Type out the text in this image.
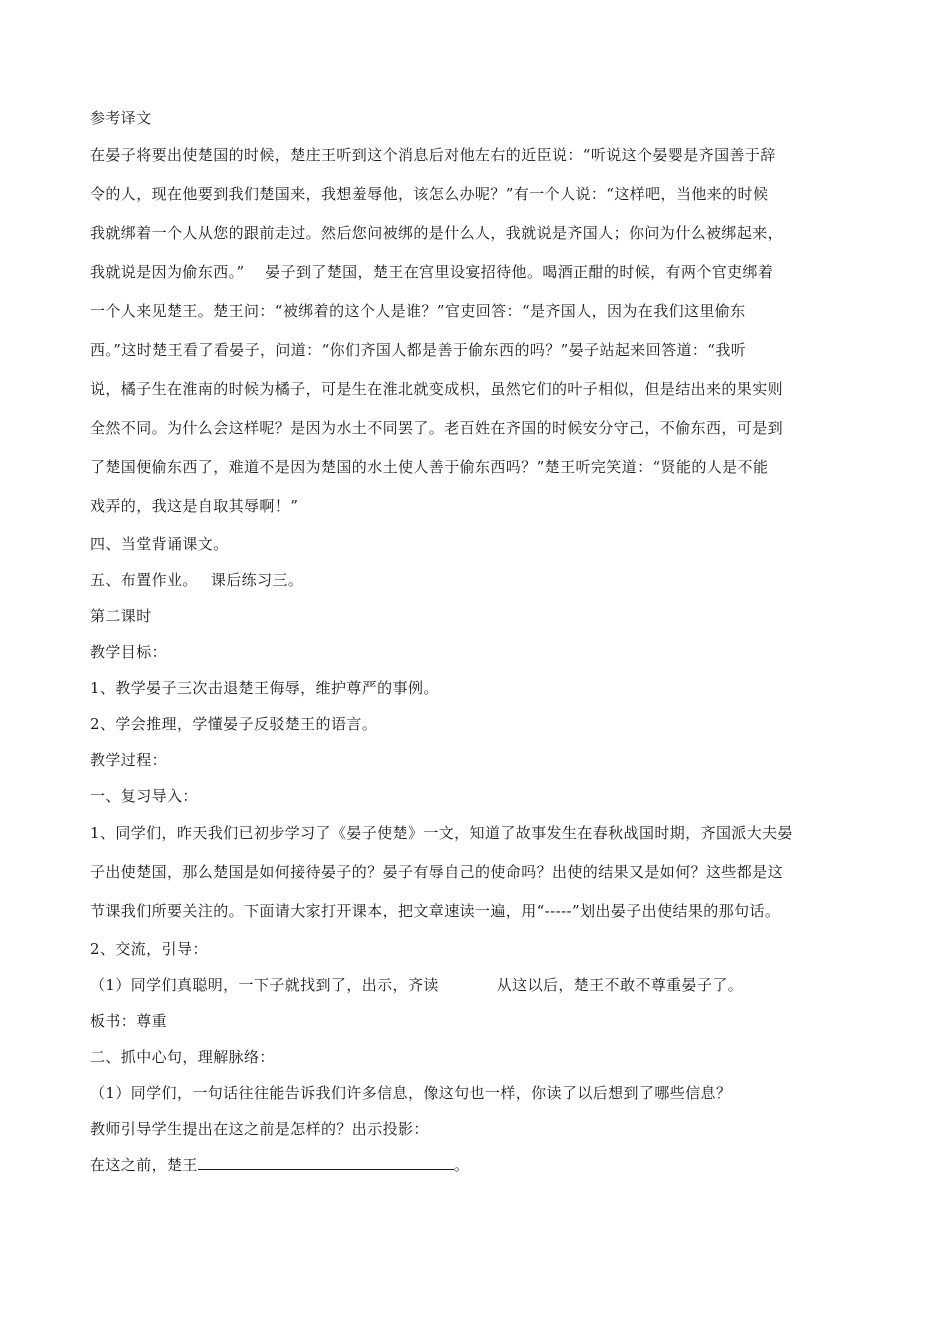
参考译文
在晏子将要出使楚国的时候，楚庄王听到这个消息后对他左右的近臣说：“听说这个晏婴是齐国善于辞
令的人，现在他要到我们楚国来，我想羞辱他，该怎么办呢？”有一个人说：“这样吧，当他来的时候
我就绑着一个人从您的跟前走过。然后您问被绑的是什么人，我就说是齐国人；你问为什么被绑起来，
我就说是因为偷东西。”　 晏子到了楚国，楚王在宫里设宴招待他。喝酒正酣的时候，有两个官吏绑着
一个人来见楚王。楚王问：“被绑着的这个人是谁？”官吏回答：“是齐国人，因为在我们这里偷东
西。”这时楚王看了看晏子，问道：“你们齐国人都是善于偷东西的吗？”晏子站起来回答道：“我听
说，橘子生在淮南的时候为橘子，可是生在淮北就变成枳，虽然它们的叶子相似，但是结出来的果实则
全然不同。为什么会这样呢？是因为水土不同罢了。老百姓在齐国的时候安分守己，不偷东西，可是到
了楚国便偷东西了，难道不是因为楚国的水土使人善于偷东西吗？”楚王听完笑道：“贤能的人是不能
戏弄的，我这是自取其辱啊！”
四、当堂背诵课文。
五、布置作业。　 课后练习三。
第二课时
教学目标：
1、教学晏子三次击退楚王侮辱，维护尊严的事例。
2、学会推理，学懂晏子反驳楚王的语言。
教学过程：
一、复习导入：
1、同学们，昨天我们已初步学习了《晏子使楚》一文，知道了故事发生在春秋战国时期，齐国派大夫晏
子出使楚国，那么楚国是如何接待晏子的？晏子有辱自己的使命吗？出使的结果又是如何？这些都是这
节课我们所要关注的。下面请大家打开课本，把文章速读一遍，用“-----”划出晏子出使结果的那句话。
2、交流，引导：
（1）同学们真聪明，一下子就找到了，出示，齐读	从这以后，楚王不敢不尊重晏子了。
板书：尊重
二、抓中心句，理解脉络：
（1）同学们，一句话往往能告诉我们许多信息，像这句也一样，你读了以后想到了哪些信息？
教师引导学生提出在这之前是怎样的？出示投影：
在这之前，楚王	。
